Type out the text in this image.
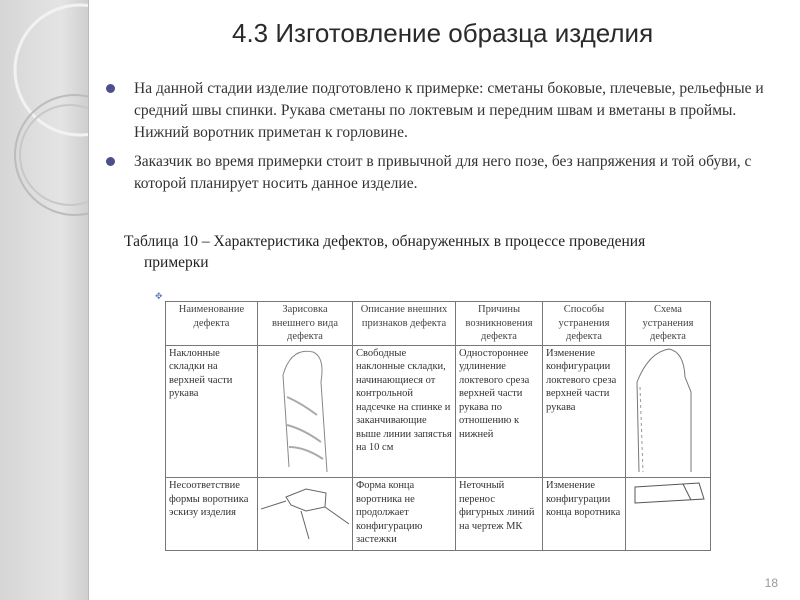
4.3 Изготовление образца изделия
На данной стадии изделие подготовлено к примерке: сметаны боковые, плечевые, рельефные и средний швы спинки. Рукава сметаны по локтевым и передним швам и вметаны в проймы. Нижний воротник приметан к горловине.
Заказчик во время примерки стоит в привычной для него позе, без напряжения и той обуви, с которой планирует носить данное изделие.
Таблица 10 – Характеристика дефектов, обнаруженных в процессе проведения
примерки
✥
Наименование дефекта	Зарисовка внешнего вида дефекта	Описание внешних признаков дефекта	Причины возникновения дефекта	Способы устранения дефекта	Схема устранения дефекта
Наклонные складки на верхней части рукава		Свободные наклонные складки, начинающиеся от контрольной надсечке на спинке и заканчивающие выше линии запястья на 10 см	Одностороннее удлинение локтевого среза верхней части рукава по отношению к нижней	Изменение конфигурации локтевого среза верхней части рукава	
Несоответствие формы воротника эскизу изделия		Форма конца воротника не продолжает конфигурацию застежки	Неточный перенос фигурных линий на чертеж МК	Изменение конфигурации конца воротника	
18
